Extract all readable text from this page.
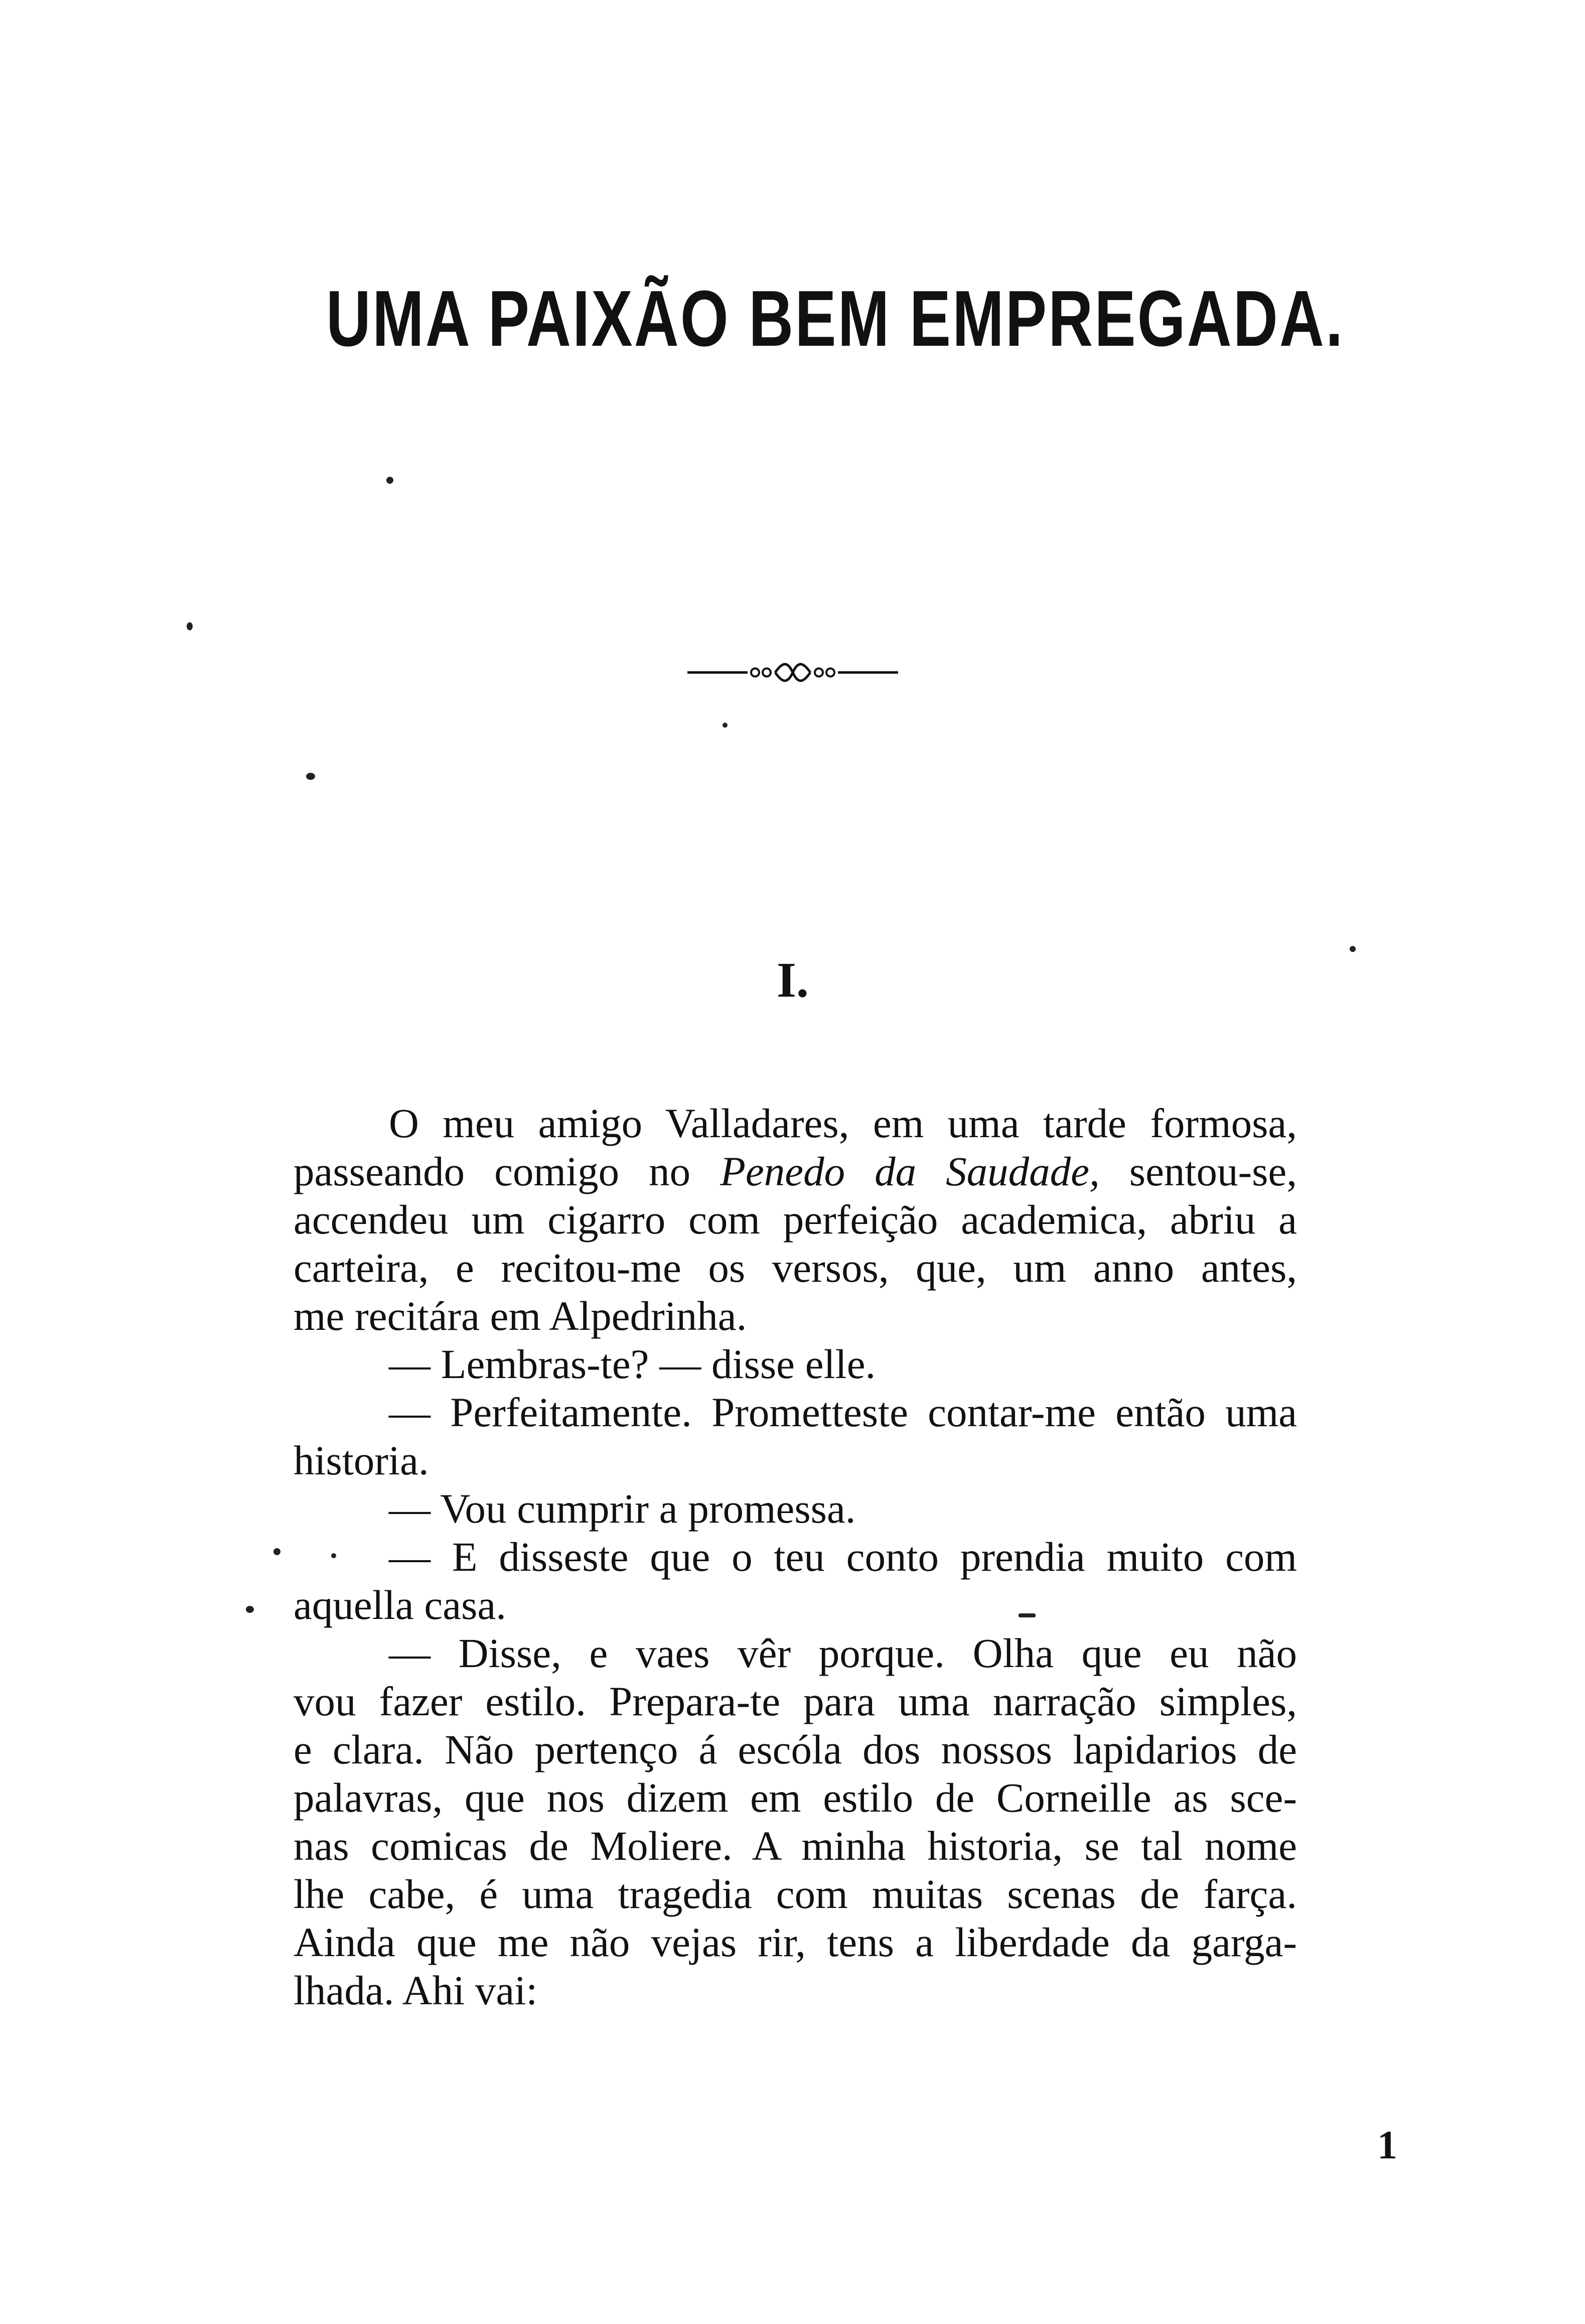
UMA PAIXÃO BEM EMPREGADA.
I.
O meu amigo Valladares, em uma tarde formosa,
passeando comigo no Penedo da Saudade, sentou-se,
accendeu um cigarro com perfeição academica, abriu a
carteira, e recitou-me os versos, que, um anno antes,
me recitára em Alpedrinha.
— Lembras-te? — disse elle.
— Perfeitamente. Prometteste contar-me então uma
historia.
— Vou cumprir a promessa.
— E disseste que o teu conto prendia muito com
aquella casa.
— Disse, e vaes vêr porque. Olha que eu não
vou fazer estilo. Prepara-te para uma narração simples,
e clara. Não pertenço á escóla dos nossos lapidarios de
palavras, que nos dizem em estilo de Corneille as sce-
nas comicas de Moliere. A minha historia, se tal nome
lhe cabe, é uma tragedia com muitas scenas de farça.
Ainda que me não vejas rir, tens a liberdade da garga-
lhada. Ahi vai:
1
